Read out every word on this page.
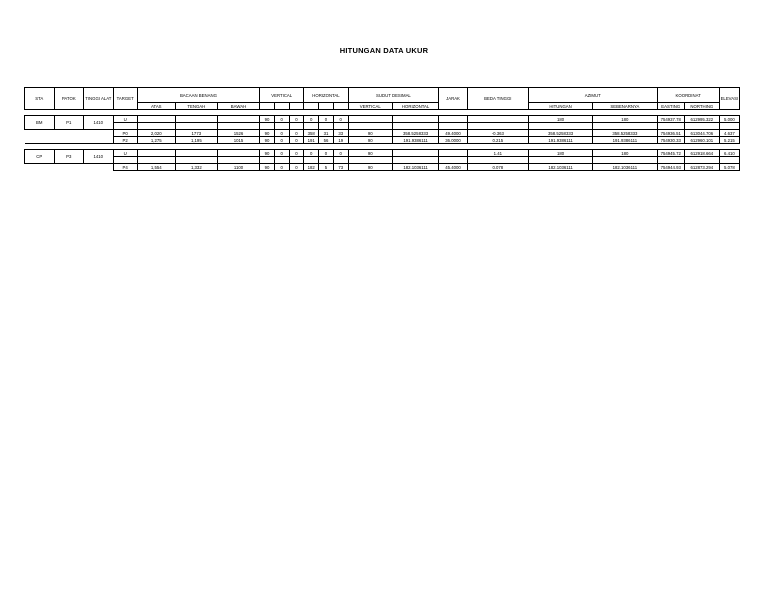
HITUNGAN DATA UKUR
STA	PATOK	TINGGI ALAT	TARGET	BACAAN BENANG			VERTICAL			HORIZONTAL			SUDUT DESIMAL		JARAK	BEDA TINGGI	AZIMUT		KOORDINAT		ELEVASI
				ATAS	TENGAH	BAWAH							VERTICAL	HORIZONTAL			HITUNGAN	SEBENARNYA	EASTING	NORTHING	

BM	P1	1410	U				90	0	0	0	0	0					180	180	754937.78	612995.322	5.000

			P0	2,020	1773	1526	90	0	0	358	31	33	90	358.5258333	49.4000	-0.363	358.5258333	358.5258333	754936.51	613044.706	4.637
			P2	1,275	1,195	1015	90	0	0	191	56	19	90	191.9386111	36.0000	0.215	191.9386111	191.9386111	754930.33	612960.101	5.215

CP	P3	1410	U				90	0	0	0	0	0	90			1.41	180	180	754945.72	612918.664	6.410

			P4	1,554	1,332	1100	90	0	0	182	5	73	90	182.1036111	45.4000	0.078	182.1036111	182.1036111	754944.93	612873.294	5.078
